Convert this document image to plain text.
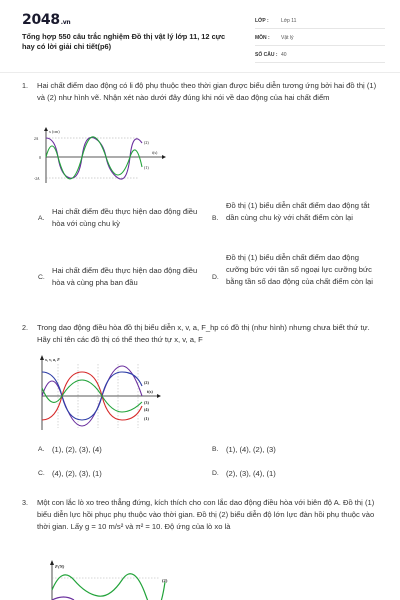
2048.vn
Tổng hợp 550 câu trắc nghiệm Đồ thị vật lý lớp 11, 12 cực hay có lời giải chi tiết(p6)
LỚP :	Lớp 11
MÔN :	Vật lý
SỐ CÂU : 40
1. Hai chất điểm dao động có li độ phụ thuộc theo thời gian được biểu diễn tương ứng bởi hai đồ thị (1) và (2) như hình vẽ. Nhận xét nào dưới đây đúng khi nói về dao động của hai chất điểm
x (cm)
t(s)
2A
0
-2A
(2)
(1)
A.
Hai chất điểm đều thực hiện dao động điều hòa với cùng chu kỳ
B.
Đồ thị (1) biểu diễn chất điểm dao động tắt dần cùng chu kỳ với chất điểm còn lại
C.
Hai chất điểm đều thực hiện dao động điều hòa và cùng pha ban đầu
D.
Đồ thị (1) biểu diễn chất điểm dao động cưỡng bức với tần số ngoại lực cưỡng bức bằng tần số dao động của chất điểm còn lại
2. Trong dao động điều hòa đồ thị biểu diễn x, v, a, F_hp có đồ thị (như hình) nhưng chưa biết thứ tự. Hãy chỉ tên các đồ thị có thể theo thứ tự x, v, a, F
x, v, a, F
t(s)
(2)
(3)
(4)
(1)
A. (1), (2), (3), (4)	B. (1), (4), (2), (3)
C. (4), (2), (3), (1)	D. (2), (3), (4), (1)
3. Một con lắc lò xo treo thẳng đứng, kích thích cho con lắc dao động điều hòa với biên độ A. Đồ thị (1) biểu diễn lực hồi phục phụ thuộc vào thời gian. Đồ thị (2) biểu diễn độ lớn lực đàn hồi phụ thuộc vào thời gian. Lấy g = 10 m/s² và π² = 10. Độ ứng của lò xo là
F(N)
(2)
